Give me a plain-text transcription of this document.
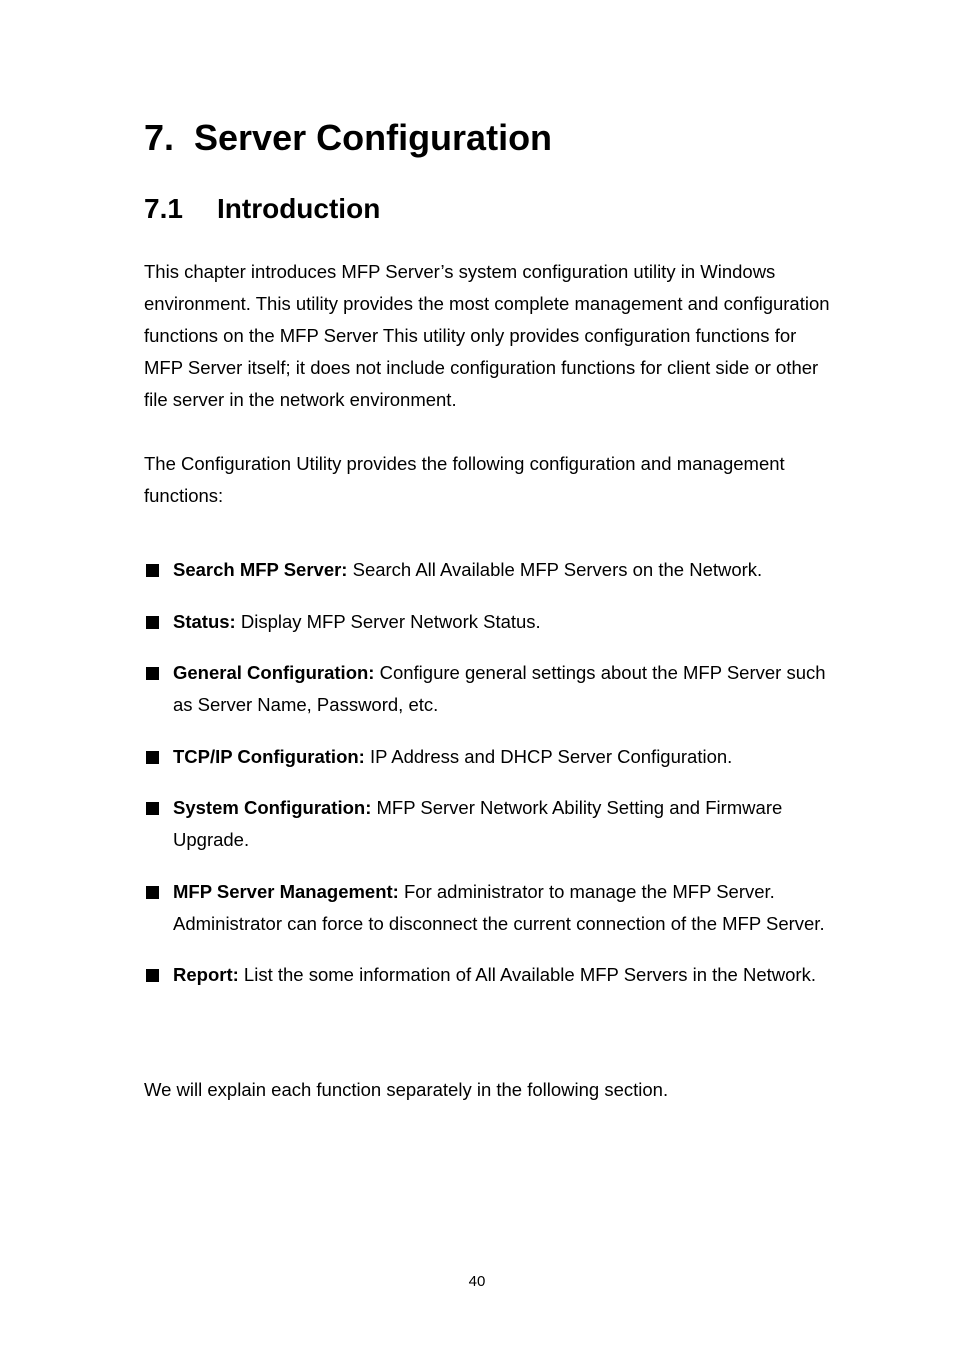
7. Server Configuration
7.1 Introduction

This chapter introduces MFP Server’s system configuration utility in Windows environment. This utility provides the most complete management and configuration functions on the MFP Server This utility only provides configuration functions for MFP Server itself; it does not include configuration functions for client side or other file server in the network environment.

The Configuration Utility provides the following configuration and management functions:

Search MFP Server: Search All Available MFP Servers on the Network.
Status: Display MFP Server Network Status.
General Configuration: Configure general settings about the MFP Server such as Server Name, Password, etc.
TCP/IP Configuration: IP Address and DHCP Server Configuration.
System Configuration: MFP Server Network Ability Setting and Firmware Upgrade.
MFP Server Management: For administrator to manage the MFP Server. Administrator can force to disconnect the current connection of the MFP Server.
Report: List the some information of All Available MFP Servers in the Network.

We will explain each function separately in the following section.

40
